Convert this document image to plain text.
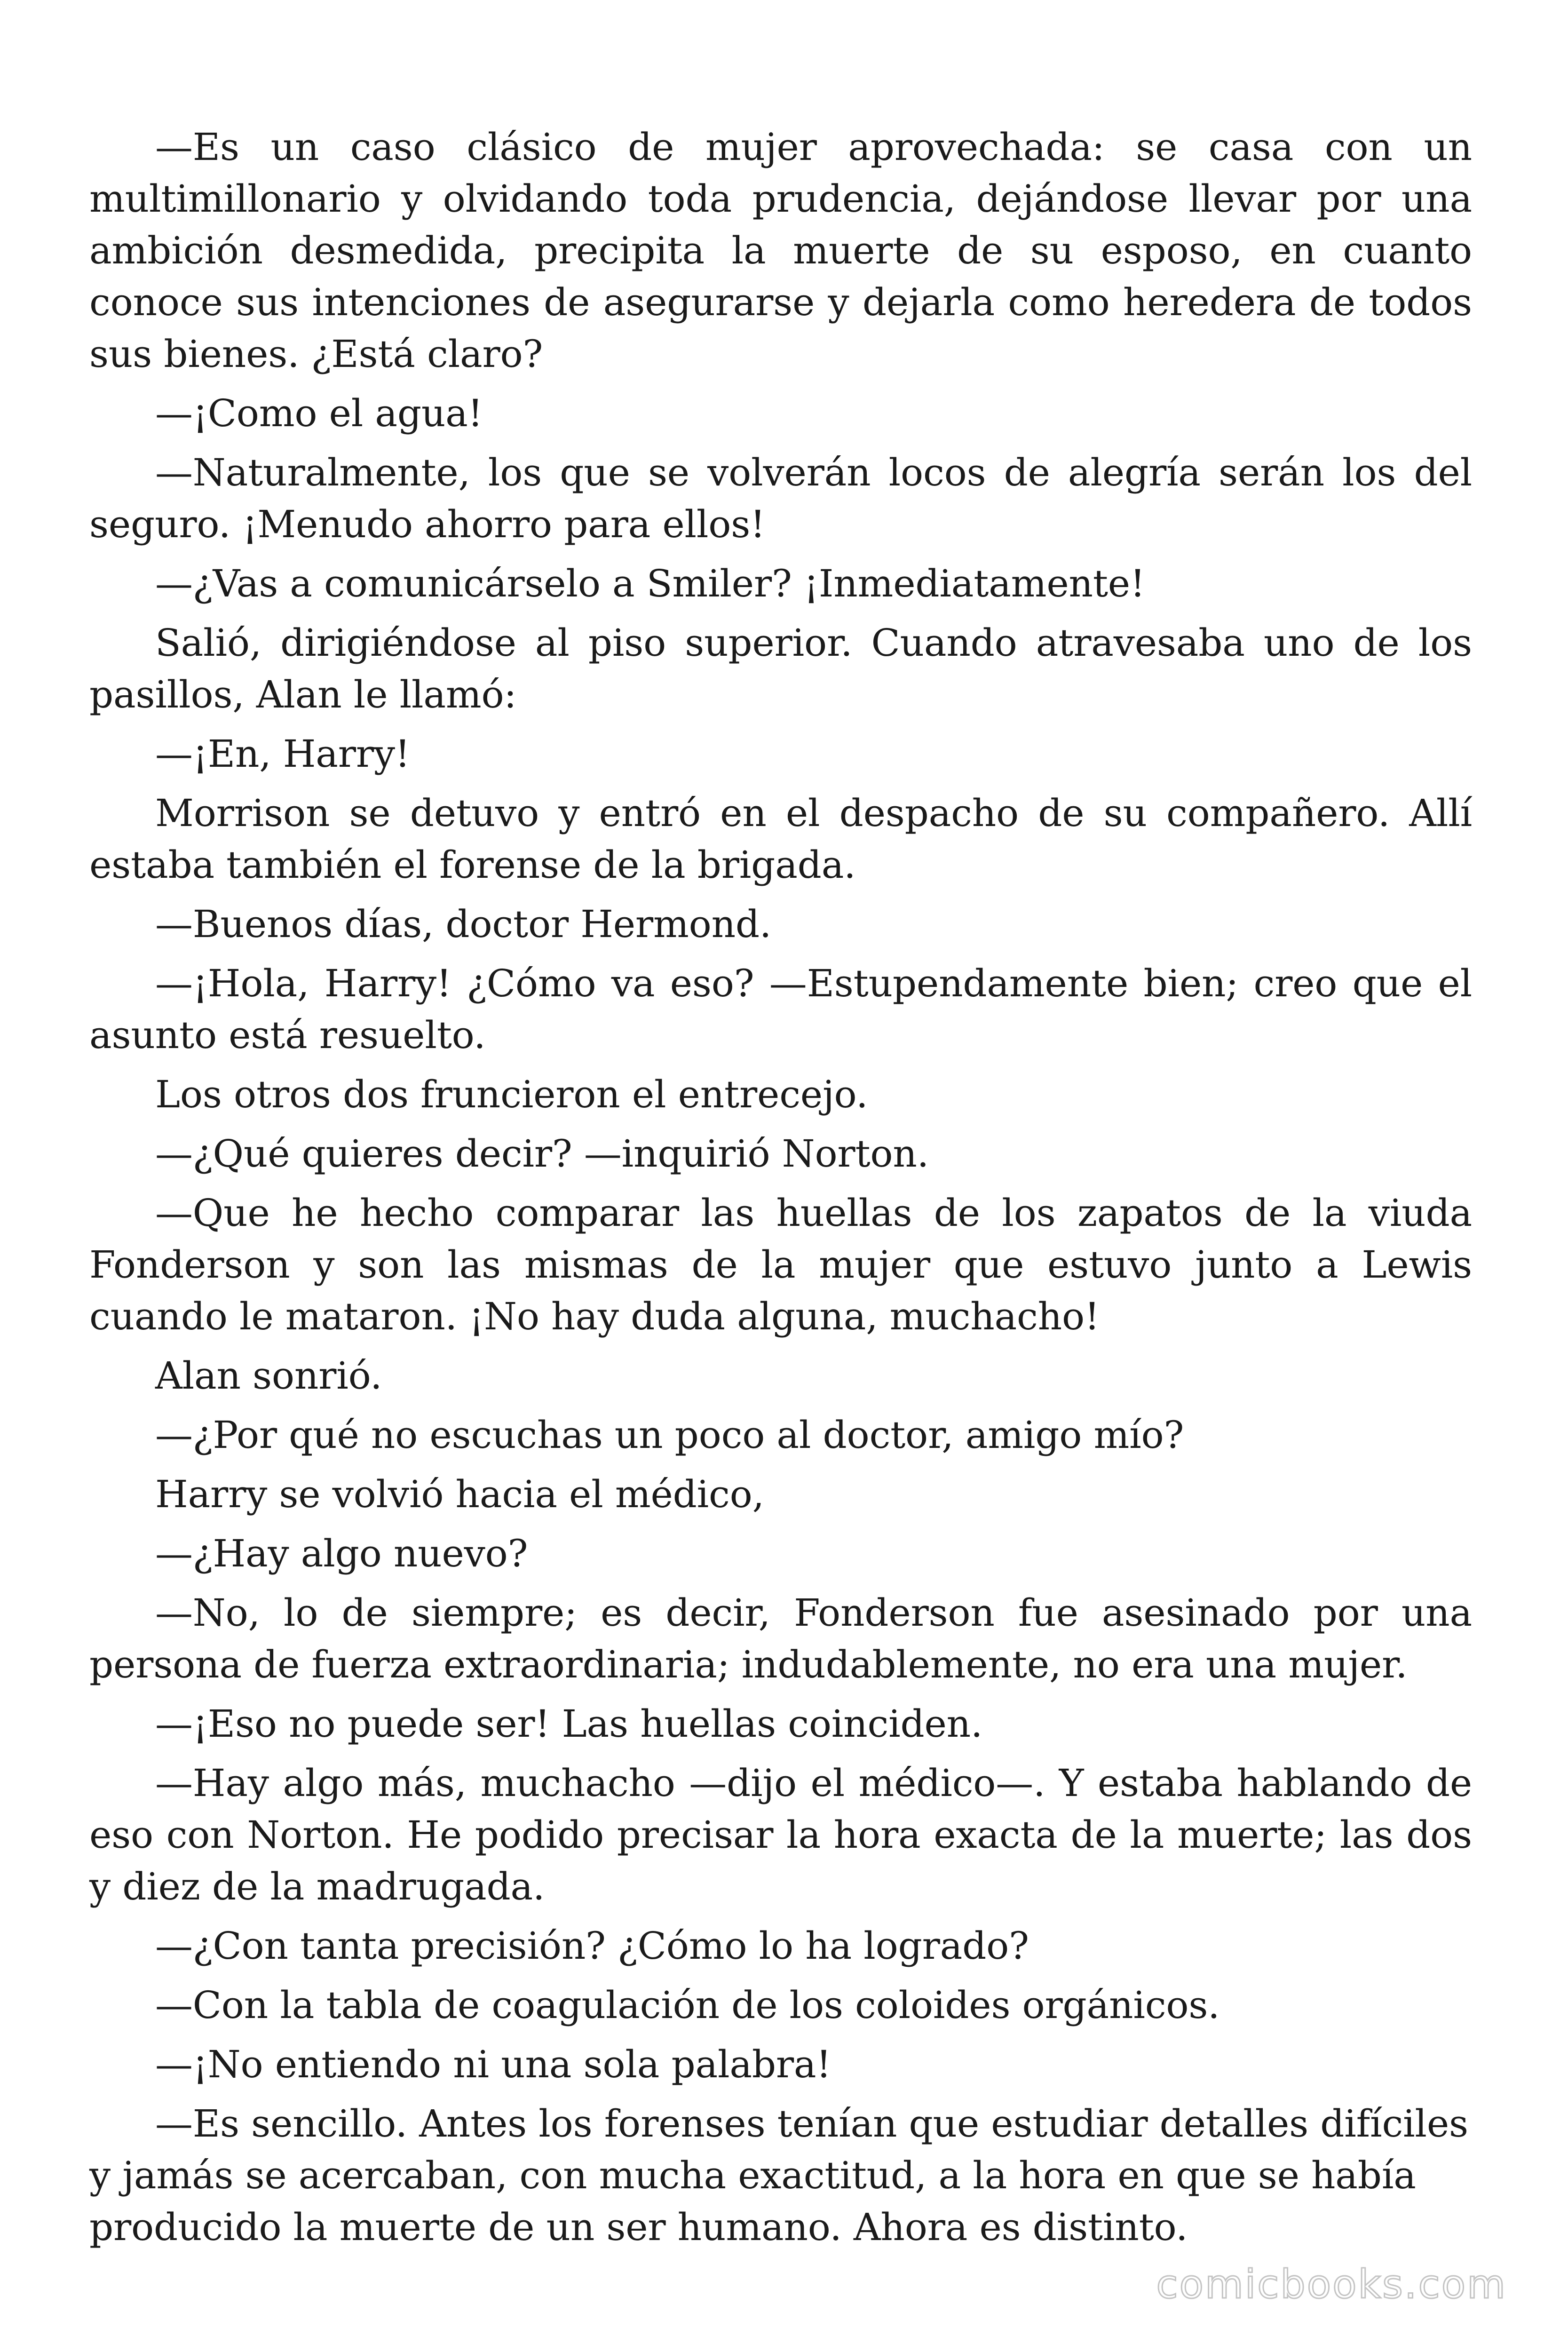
—Es un caso clásico de mujer aprovechada: se casa con un multimillonario y olvidando toda prudencia, dejándose llevar por una ambición desmedida, precipita la muerte de su esposo, en cuanto conoce sus intenciones de asegurarse y dejarla como heredera de todos sus bienes. ¿Está claro?

—¡Como el agua!

—Naturalmente, los que se volverán locos de alegría serán los del seguro. ¡Menudo ahorro para ellos!

—¿Vas a comunicárselo a Smiler? ¡Inmediatamente!

Salió, dirigiéndose al piso superior. Cuando atravesaba uno de los pasillos, Alan le llamó:

—¡En, Harry!

Morrison se detuvo y entró en el despacho de su compañero. Allí estaba también el forense de la brigada.

—Buenos días, doctor Hermond.

—¡Hola, Harry! ¿Cómo va eso? —Estupendamente bien; creo que el asunto está resuelto.

Los otros dos fruncieron el entrecejo.

—¿Qué quieres decir? —inquirió Norton.

—Que he hecho comparar las huellas de los zapatos de la viuda Fonderson y son las mismas de la mujer que estuvo junto a Lewis cuando le mataron. ¡No hay duda alguna, muchacho!

Alan sonrió.

—¿Por qué no escuchas un poco al doctor, amigo mío?

Harry se volvió hacia el médico,

—¿Hay algo nuevo?

—No, lo de siempre; es decir, Fonderson fue asesinado por una persona de fuerza extraordinaria; indudablemente, no era una mujer.

—¡Eso no puede ser! Las huellas coinciden.

—Hay algo más, muchacho —dijo el médico—. Y estaba hablando de eso con Norton. He podido precisar la hora exacta de la muerte; las dos y diez de la madrugada.

—¿Con tanta precisión? ¿Cómo lo ha logrado?

—Con la tabla de coagulación de los coloides orgánicos.

—¡No entiendo ni una sola palabra!

—Es sencillo. Antes los forenses tenían que estudiar detalles difíciles y jamás se acercaban, con mucha exactitud, a la hora en que se había producido la muerte de un ser humano. Ahora es distinto.

comicbooks.com
